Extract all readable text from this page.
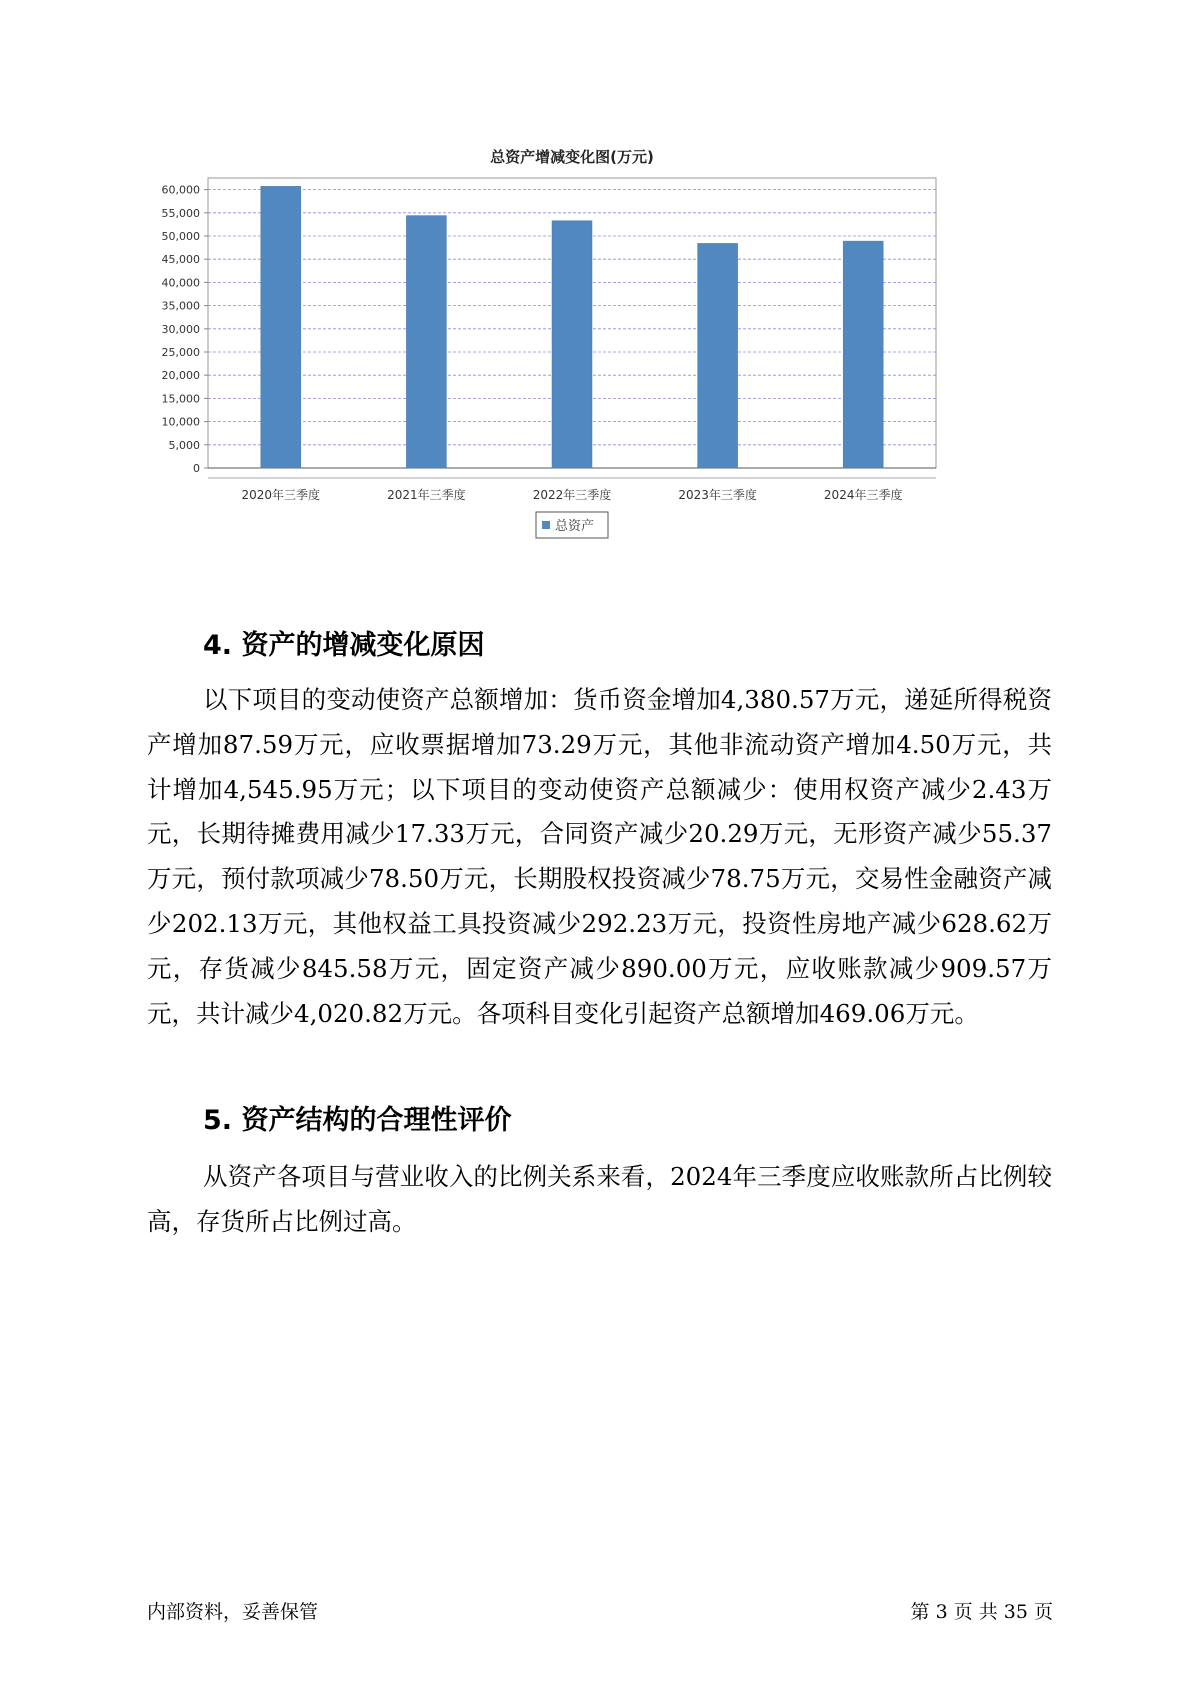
总资产增减变化图(万元)
0
5,000
10,000
15,000
20,000
25,000
30,000
35,000
40,000
45,000
50,000
55,000
60,000
2020年三季度	2021年三季度	2022年三季度	2023年三季度	2024年三季度
总资产
4. 资产的增减变化原因

以下项目的变动使资产总额增加：货币资金增加4,380.57万元，递延所得税资产增加87.59万元，应收票据增加73.29万元，其他非流动资产增加4.50万元，共计增加4,545.95万元；以下项目的变动使资产总额减少：使用权资产减少2.43万元，长期待摊费用减少17.33万元，合同资产减少20.29万元，无形资产减少55.37万元，预付款项减少78.50万元，长期股权投资减少78.75万元，交易性金融资产减少202.13万元，其他权益工具投资减少292.23万元，投资性房地产减少628.62万元，存货减少845.58万元，固定资产减少890.00万元，应收账款减少909.57万元，共计减少4,020.82万元。各项科目变化引起资产总额增加469.06万元。

5. 资产结构的合理性评价

从资产各项目与营业收入的比例关系来看，2024年三季度应收账款所占比例较高，存货所占比例过高。

内部资料，妥善保管	第 3 页 共 35 页
